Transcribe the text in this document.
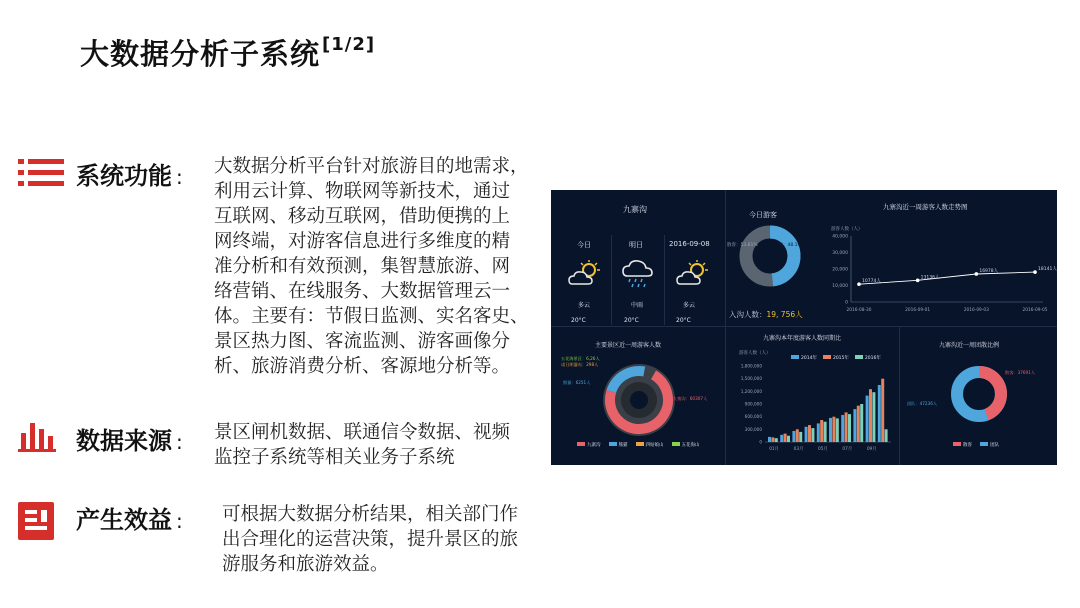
大数据分析子系统 [1/2]
系统功能 : 大数据分析平台针对旅游目的地需求，
利用云计算、物联网等新技术，通过
互联网、移动互联网，借助便携的上
网终端，对游客信息进行多维度的精
准分析和有效预测，集智慧旅游、网
络营销、在线服务、大数据管理云一
体。主要有：节假日监测、实名客史、
景区热力图、客流监测、游客画像分
析、旅游消费分析、客源地分析等。
数据来源 : 景区闸机数据、联通信令数据、视频
监控子系统等相关业务子系统
产生效益 : 可根据大数据分析结果，相关部门作
出合理化的运营决策，提升景区的旅
游服务和旅游效益。
九寨沟
今日	明日	2016-09-08
多云	中雨	多云
20°C	20°C	20°C
今日游客
散客：53.81% 入沟人数：48.19%
入沟人数：19, 756人
九寨沟近一周游客人数走势图
游客人数（人）
40,000
30,000
20,000
10,000
0
10774人
13136人
16978人	18141人
2016-08-30	2016-09-01	2016-09-03	2016-09-05
主要景区近一周游客人数
五花海景区：6,26人
诺日朗瀑布：298人
熊猫：6251人
九寨沟：60307人
九寨沟	熊猫	四姑娘山	五花海山
九寨沟本年度游客人数同期比
2014年	2015年	2016年
游客人数（人）
1,800,000
1,500,000
1,200,000
900,000
600,000
300,000
0
01月	03月	05月	07月	09月
九寨沟近一周团散比例
散客：37691人
团队：47236人
散客	团队
